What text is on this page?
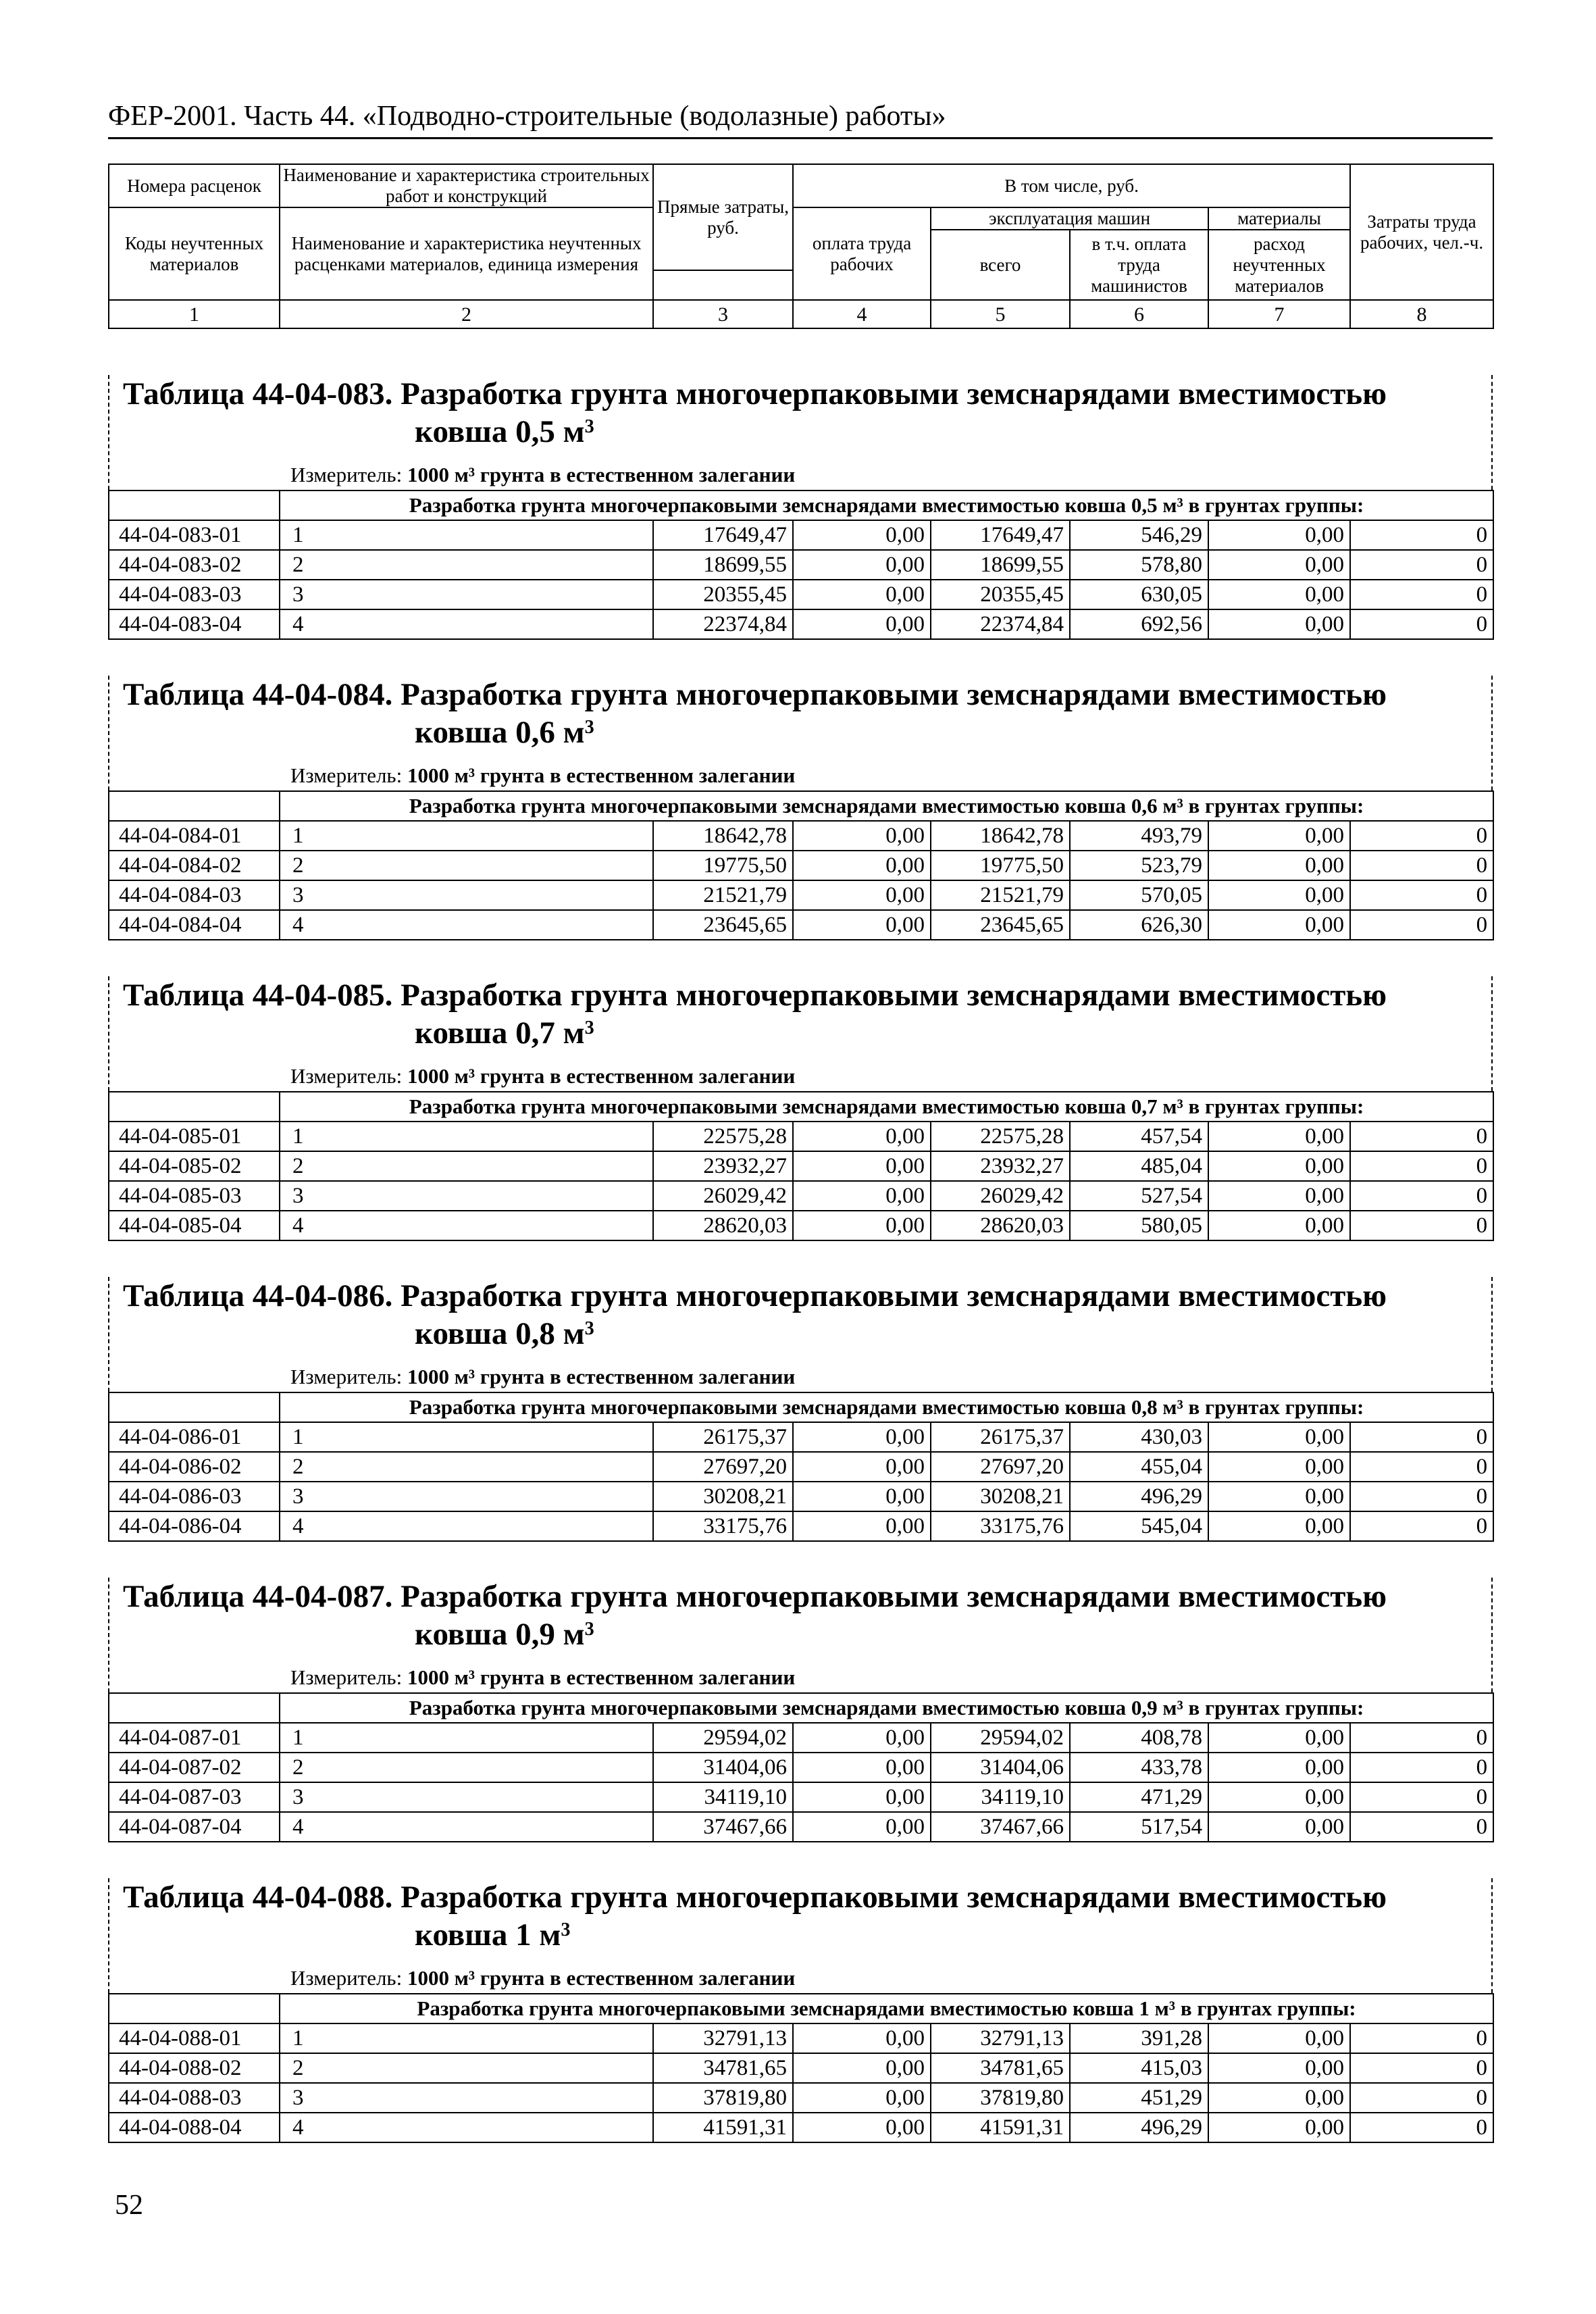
ФЕР-2001. Часть 44. «Подводно-строительные (водолазные) работы»
Номера расценок	Наименование и характеристика строительных работ и конструкций	Прямые затраты, руб.	В том числе, руб.				Затраты труда рабочих, чел.-ч.
Коды неучтенных материалов	Наименование и характеристика неучтенных расценками материалов, единица измерения		оплата труда рабочих	эксплуатация машин		материалы	
				всего	в т.ч. оплата труда машинистов	расход неучтенных материалов	

1	2	3	4	5	6	7	8
Таблица 44-04-083. Разработка грунта многочерпаковыми земснарядами вместимостью
ковша 0,5 $м^3$
Измеритель: 1000 м³ грунта в естественном залегании
	Разработка грунта многочерпаковыми земснарядами вместимостью ковша 0,5 м³ в грунтах группы:						
44-04-083-01	1	17649,47	0,00	17649,47	546,29	0,00	0
44-04-083-02	2	18699,55	0,00	18699,55	578,80	0,00	0
44-04-083-03	3	20355,45	0,00	20355,45	630,05	0,00	0
44-04-083-04	4	22374,84	0,00	22374,84	692,56	0,00	0
Таблица 44-04-084. Разработка грунта многочерпаковыми земснарядами вместимостью
ковша 0,6 $м^3$
Измеритель: 1000 м³ грунта в естественном залегании
	Разработка грунта многочерпаковыми земснарядами вместимостью ковша 0,6 м³ в грунтах группы:						
44-04-084-01	1	18642,78	0,00	18642,78	493,79	0,00	0
44-04-084-02	2	19775,50	0,00	19775,50	523,79	0,00	0
44-04-084-03	3	21521,79	0,00	21521,79	570,05	0,00	0
44-04-084-04	4	23645,65	0,00	23645,65	626,30	0,00	0
Таблица 44-04-085. Разработка грунта многочерпаковыми земснарядами вместимостью
ковша 0,7 $м^3$
Измеритель: 1000 м³ грунта в естественном залегании
	Разработка грунта многочерпаковыми земснарядами вместимостью ковша 0,7 м³ в грунтах группы:						
44-04-085-01	1	22575,28	0,00	22575,28	457,54	0,00	0
44-04-085-02	2	23932,27	0,00	23932,27	485,04	0,00	0
44-04-085-03	3	26029,42	0,00	26029,42	527,54	0,00	0
44-04-085-04	4	28620,03	0,00	28620,03	580,05	0,00	0
Таблица 44-04-086. Разработка грунта многочерпаковыми земснарядами вместимостью
ковша 0,8 $м^3$
Измеритель: 1000 м³ грунта в естественном залегании
	Разработка грунта многочерпаковыми земснарядами вместимостью ковша 0,8 м³ в грунтах группы:						
44-04-086-01	1	26175,37	0,00	26175,37	430,03	0,00	0
44-04-086-02	2	27697,20	0,00	27697,20	455,04	0,00	0
44-04-086-03	3	30208,21	0,00	30208,21	496,29	0,00	0
44-04-086-04	4	33175,76	0,00	33175,76	545,04	0,00	0
Таблица 44-04-087. Разработка грунта многочерпаковыми земснарядами вместимостью
ковша 0,9 $м^3$
Измеритель: 1000 м³ грунта в естественном залегании
	Разработка грунта многочерпаковыми земснарядами вместимостью ковша 0,9 м³ в грунтах группы:						
44-04-087-01	1	29594,02	0,00	29594,02	408,78	0,00	0
44-04-087-02	2	31404,06	0,00	31404,06	433,78	0,00	0
44-04-087-03	3	34119,10	0,00	34119,10	471,29	0,00	0
44-04-087-04	4	37467,66	0,00	37467,66	517,54	0,00	0
Таблица 44-04-088. Разработка грунта многочерпаковыми земснарядами вместимостью
ковша 1 $м^3$
Измеритель: 1000 м³ грунта в естественном залегании
	Разработка грунта многочерпаковыми земснарядами вместимостью ковша 1 м³ в грунтах группы:						
44-04-088-01	1	32791,13	0,00	32791,13	391,28	0,00	0
44-04-088-02	2	34781,65	0,00	34781,65	415,03	0,00	0
44-04-088-03	3	37819,80	0,00	37819,80	451,29	0,00	0
44-04-088-04	4	41591,31	0,00	41591,31	496,29	0,00	0
52
